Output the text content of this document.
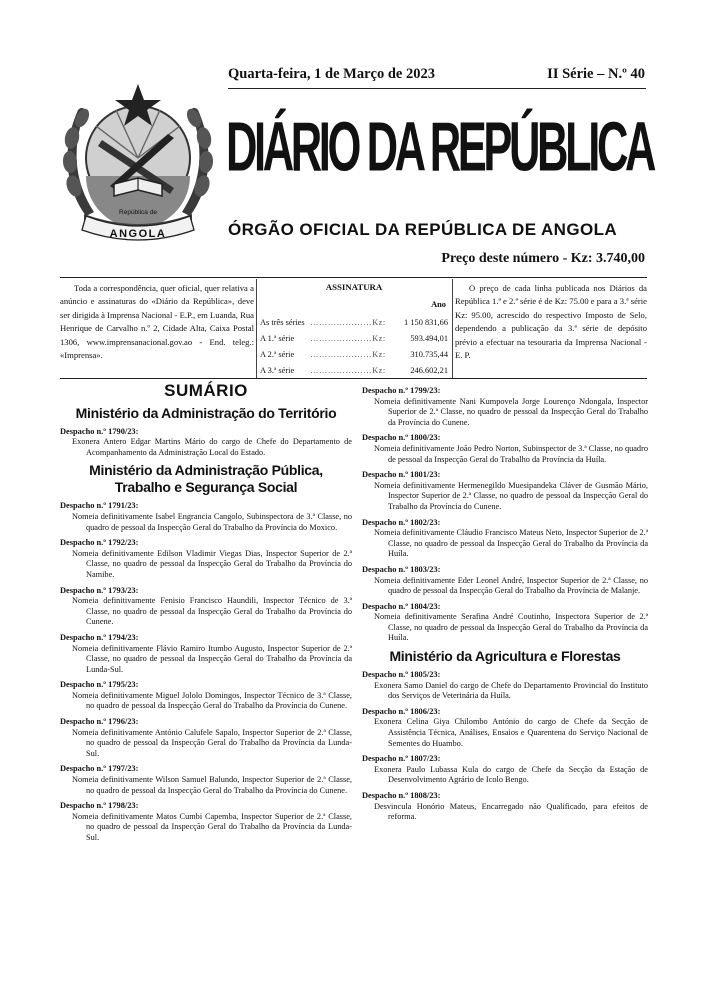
República de
ANGOLA
Quarta-feira, 1 de Março de 2023	II Série – N.º 40
DIÁRIO DA REPÚBLICA
ÓRGÃO OFICIAL DA REPÚBLICA DE ANGOLA
Preço deste número - Kz: 3.740,00
Toda a correspondência, quer oficial, quer relativa a anúncio e assinaturas do «Diário da República», deve ser dirigida à Imprensa Nacional - E.P., em Luanda, Rua Henrique de Carvalho n.º 2, Cidade Alta, Caixa Postal 1306, www.imprensanacional.gov.ao - End. teleg.: «Imprensa».
ASSINATURA
Ano
As três séries …………………Kz: 1 150 831,66
A 1.ª série …………………Kz:	593.494,01
A 2.ª série …………………Kz:	310.735,44
A 3.ª série …………………Kz:	246.602,21
O preço de cada linha publicada nos Diários da República 1.ª e 2.ª série é de Kz: 75.00 e para a 3.ª série Kz: 95.00, acrescido do respectivo Imposto de Selo, dependendo a publicação da 3.ª série de depósito prévio a efectuar na tesouraria da Imprensa Nacional - E. P.
SUMÁRIO
Ministério da Administração do Território
Despacho n.º 1790/23:
Exonera Antero Edgar Martins Mário do cargo de Chefe do Departamento de Acompanhamento da Administração Local do Estado.
Ministério da Administração Pública, Trabalho e Segurança Social
Despacho n.º 1791/23:
Nomeia definitivamente Isabel Engrancia Cangolo, Subinspectora de 3.ª Classe, no quadro de pessoal da Inspecção Geral do Trabalho da Província do Moxico.
Despacho n.º 1792/23:
Nomeia definitivamente Edilson Vladimir Viegas Dias, Inspector Superior de 2.ª Classe, no quadro de pessoal da Inspecção Geral do Trabalho da Província do Namibe.
Despacho n.º 1793/23:
Nomeia definitivamente Fenisio Francisco Haundili, Inspector Técnico de 3.ª Classe, no quadro de pessoal da Inspecção Geral do Trabalho da Província do Cunene.
Despacho n.º 1794/23:
Nomeia definitivamente Flávio Ramiro Itumbo Augusto, Inspector Superior de 2.ª Classe, no quadro de pessoal da Inspecção Geral do Trabalho da Província da Lunda-Sul.
Despacho n.º 1795/23:
Nomeia definitivamente Miguel Jololo Domingos, Inspector Técnico de 3.ª Classe, no quadro de pessoal da Inspecção Geral do Trabalho da Província do Cunene.
Despacho n.º 1796/23:
Nomeia definitivamente António Calufele Sapalo, Inspector Superior de 2.ª Classe, no quadro de pessoal da Inspecção Geral do Trabalho da Província da Lunda-Sul.
Despacho n.º 1797/23:
Nomeia definitivamente Wilson Samuel Balundo, Inspector Superior de 2.ª Classe, no quadro de pessoal da Inspecção Geral do Trabalho da Província do Cunene.
Despacho n.º 1798/23:
Nomeia definitivamente Matos Cumbi Capemba, Inspector Superior de 2.ª Classe, no quadro de pessoal da Inspecção Geral do Trabalho da Província da Lunda-Sul.
Despacho n.º 1799/23:
Nomeia definitivamente Nani Kumpovela Jorge Lourenço Ndongala, Inspector Superior de 2.ª Classe, no quadro de pessoal da Inspecção Geral do Trabalho da Província do Cunene.
Despacho n.º 1800/23:
Nomeia definitivamente João Pedro Norton, Subinspector de 3.ª Classe, no quadro de pessoal da Inspecção Geral do Trabalho da Província da Huíla.
Despacho n.º 1801/23:
Nomeia definitivamente Hermenegildo Muesipandeka Cláver de Gusmão Mário, Inspector Superior de 2.ª Classe, no quadro de pessoal da Inspecção Geral do Trabalho da Província do Cunene.
Despacho n.º 1802/23:
Nomeia definitivamente Cláudio Francisco Mateus Neto, Inspector Superior de 2.ª Classe, no quadro de pessoal da Inspecção Geral do Trabalho da Província da Huíla.
Despacho n.º 1803/23:
Nomeia definitivamente Eder Leonel André, Inspector Superior de 2.ª Classe, no quadro de pessoal da Inspecção Geral do Trabalho da Província de Malanje.
Despacho n.º 1804/23:
Nomeia definitivamente Serafina André Coutinho, Inspectora Superior de 2.ª Classe, no quadro de pessoal da Inspecção Geral do Trabalho da Província da Huíla.
Ministério da Agricultura e Florestas
Despacho n.º 1805/23:
Exonera Samo Daniel do cargo de Chefe do Departamento Provincial do Instituto dos Serviços de Veterinária da Huíla.
Despacho n.º 1806/23:
Exonera Celina Giya Chilombo António do cargo de Chefe da Secção de Assistência Técnica, Análises, Ensaios e Quarentena do Serviço Nacional de Sementes do Huambo.
Despacho n.º 1807/23:
Exonera Paulo Lubassa Kula do cargo de Chefe da Secção da Estação de Desenvolvimento Agrário de Icolo Bengo.
Despacho n.º 1808/23:
Desvincula Honório Mateus, Encarregado não Qualificado, para efeitos de reforma.
